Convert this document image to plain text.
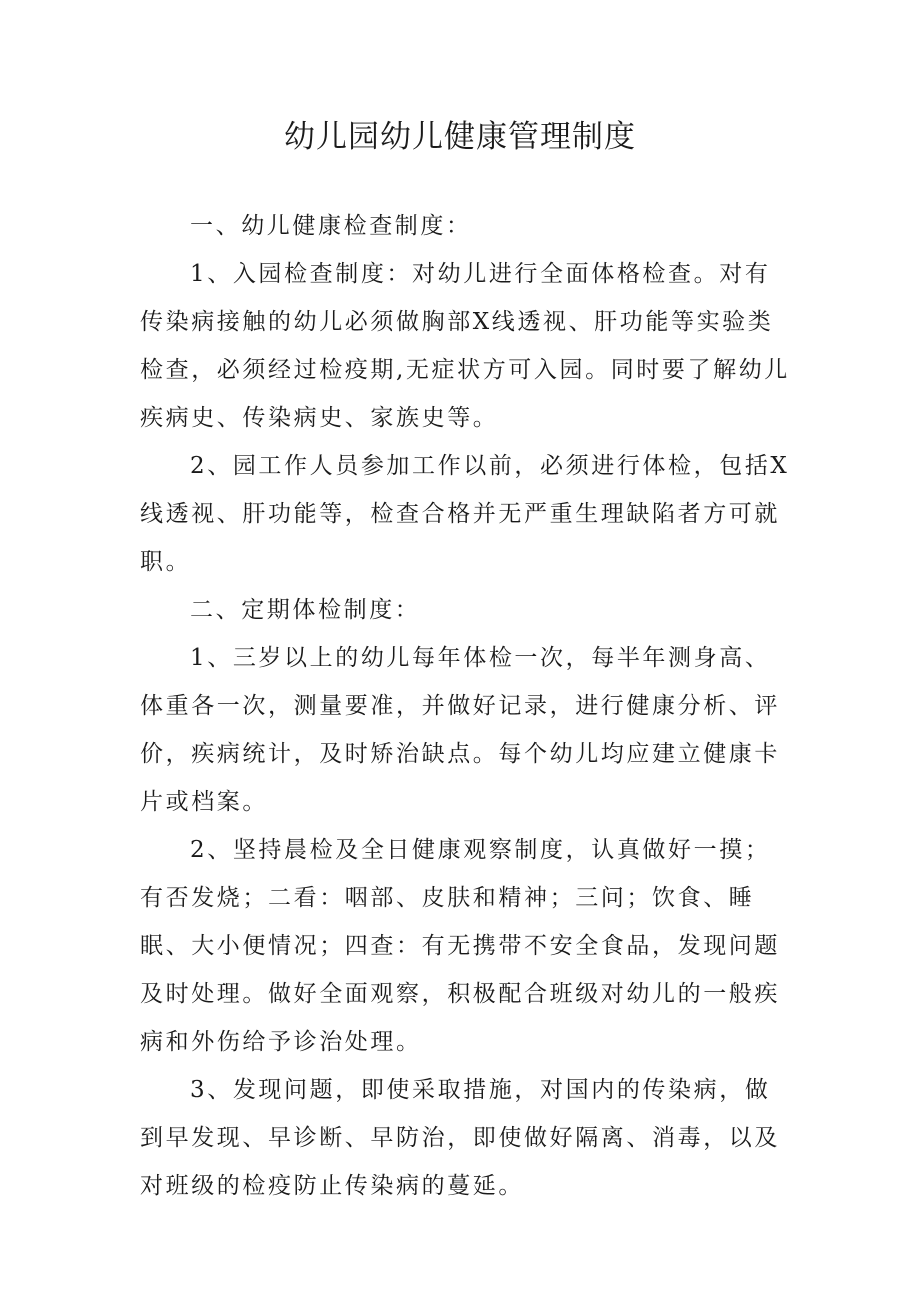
幼儿园幼儿健康管理制度

一、幼儿健康检查制度：

1、入园检查制度：对幼儿进行全面体格检查。对有传染病接触的幼儿必须做胸部X线透视、肝功能等实验类检查，必须经过检疫期,无症状方可入园。同时要了解幼儿疾病史、传染病史、家族史等。

2、园工作人员参加工作以前，必须进行体检，包括X线透视、肝功能等，检查合格并无严重生理缺陷者方可就职。

二、定期体检制度：

1、三岁以上的幼儿每年体检一次，每半年测身高、体重各一次，测量要准，并做好记录，进行健康分析、评价，疾病统计，及时矫治缺点。每个幼儿均应建立健康卡片或档案。

2、坚持晨检及全日健康观察制度，认真做好一摸；有否发烧；二看：咽部、皮肤和精神；三问；饮食、睡眠、大小便情况；四查：有无携带不安全食品，发现问题及时处理。做好全面观察，积极配合班级对幼儿的一般疾病和外伤给予诊治处理。

3、发现问题，即使采取措施，对国内的传染病，做到早发现、早诊断、早防治，即使做好隔离、消毒，以及对班级的检疫防止传染病的蔓延。
